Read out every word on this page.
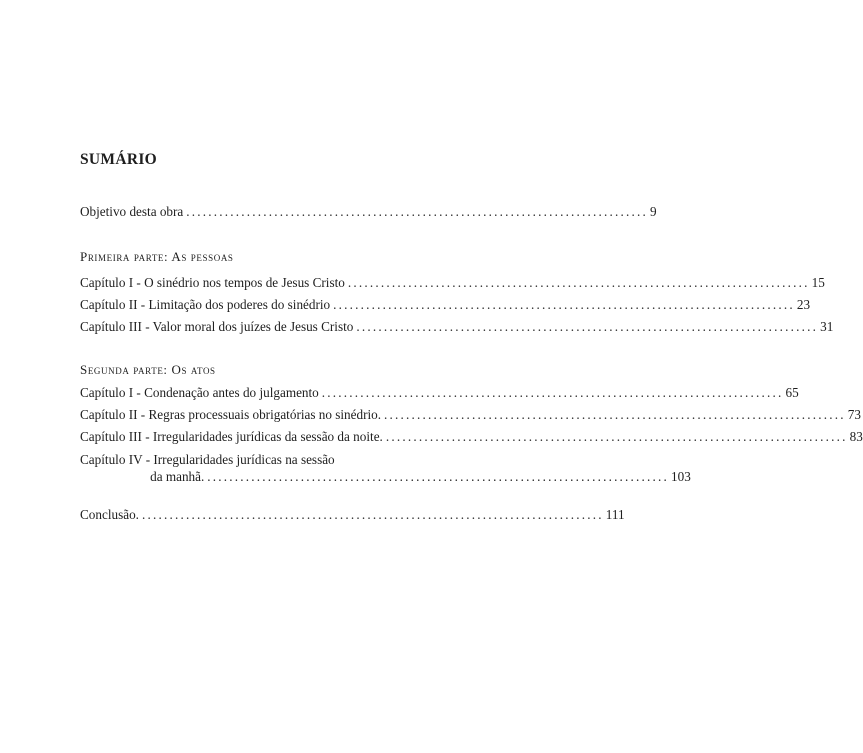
SUMÁRIO
Objetivo desta obra .................................................................................... 9
Primeira parte: As pessoas
Capítulo I - O sinédrio nos tempos de Jesus Cristo .................................................................................... 15
Capítulo II - Limitação dos poderes do sinédrio .................................................................................... 23
Capítulo III - Valor moral dos juízes de Jesus Cristo .................................................................................... 31
Segunda parte: Os atos
Capítulo I - Condenação antes do julgamento .................................................................................... 65
Capítulo II - Regras processuais obrigatórias no sinédrio. .................................................................................... 73
Capítulo III - Irregularidades jurídicas da sessão da noite. .................................................................................... 83
Capítulo IV - Irregularidades jurídicas na sessão
da manhã. .................................................................................... 103
Conclusão. .................................................................................... 111
